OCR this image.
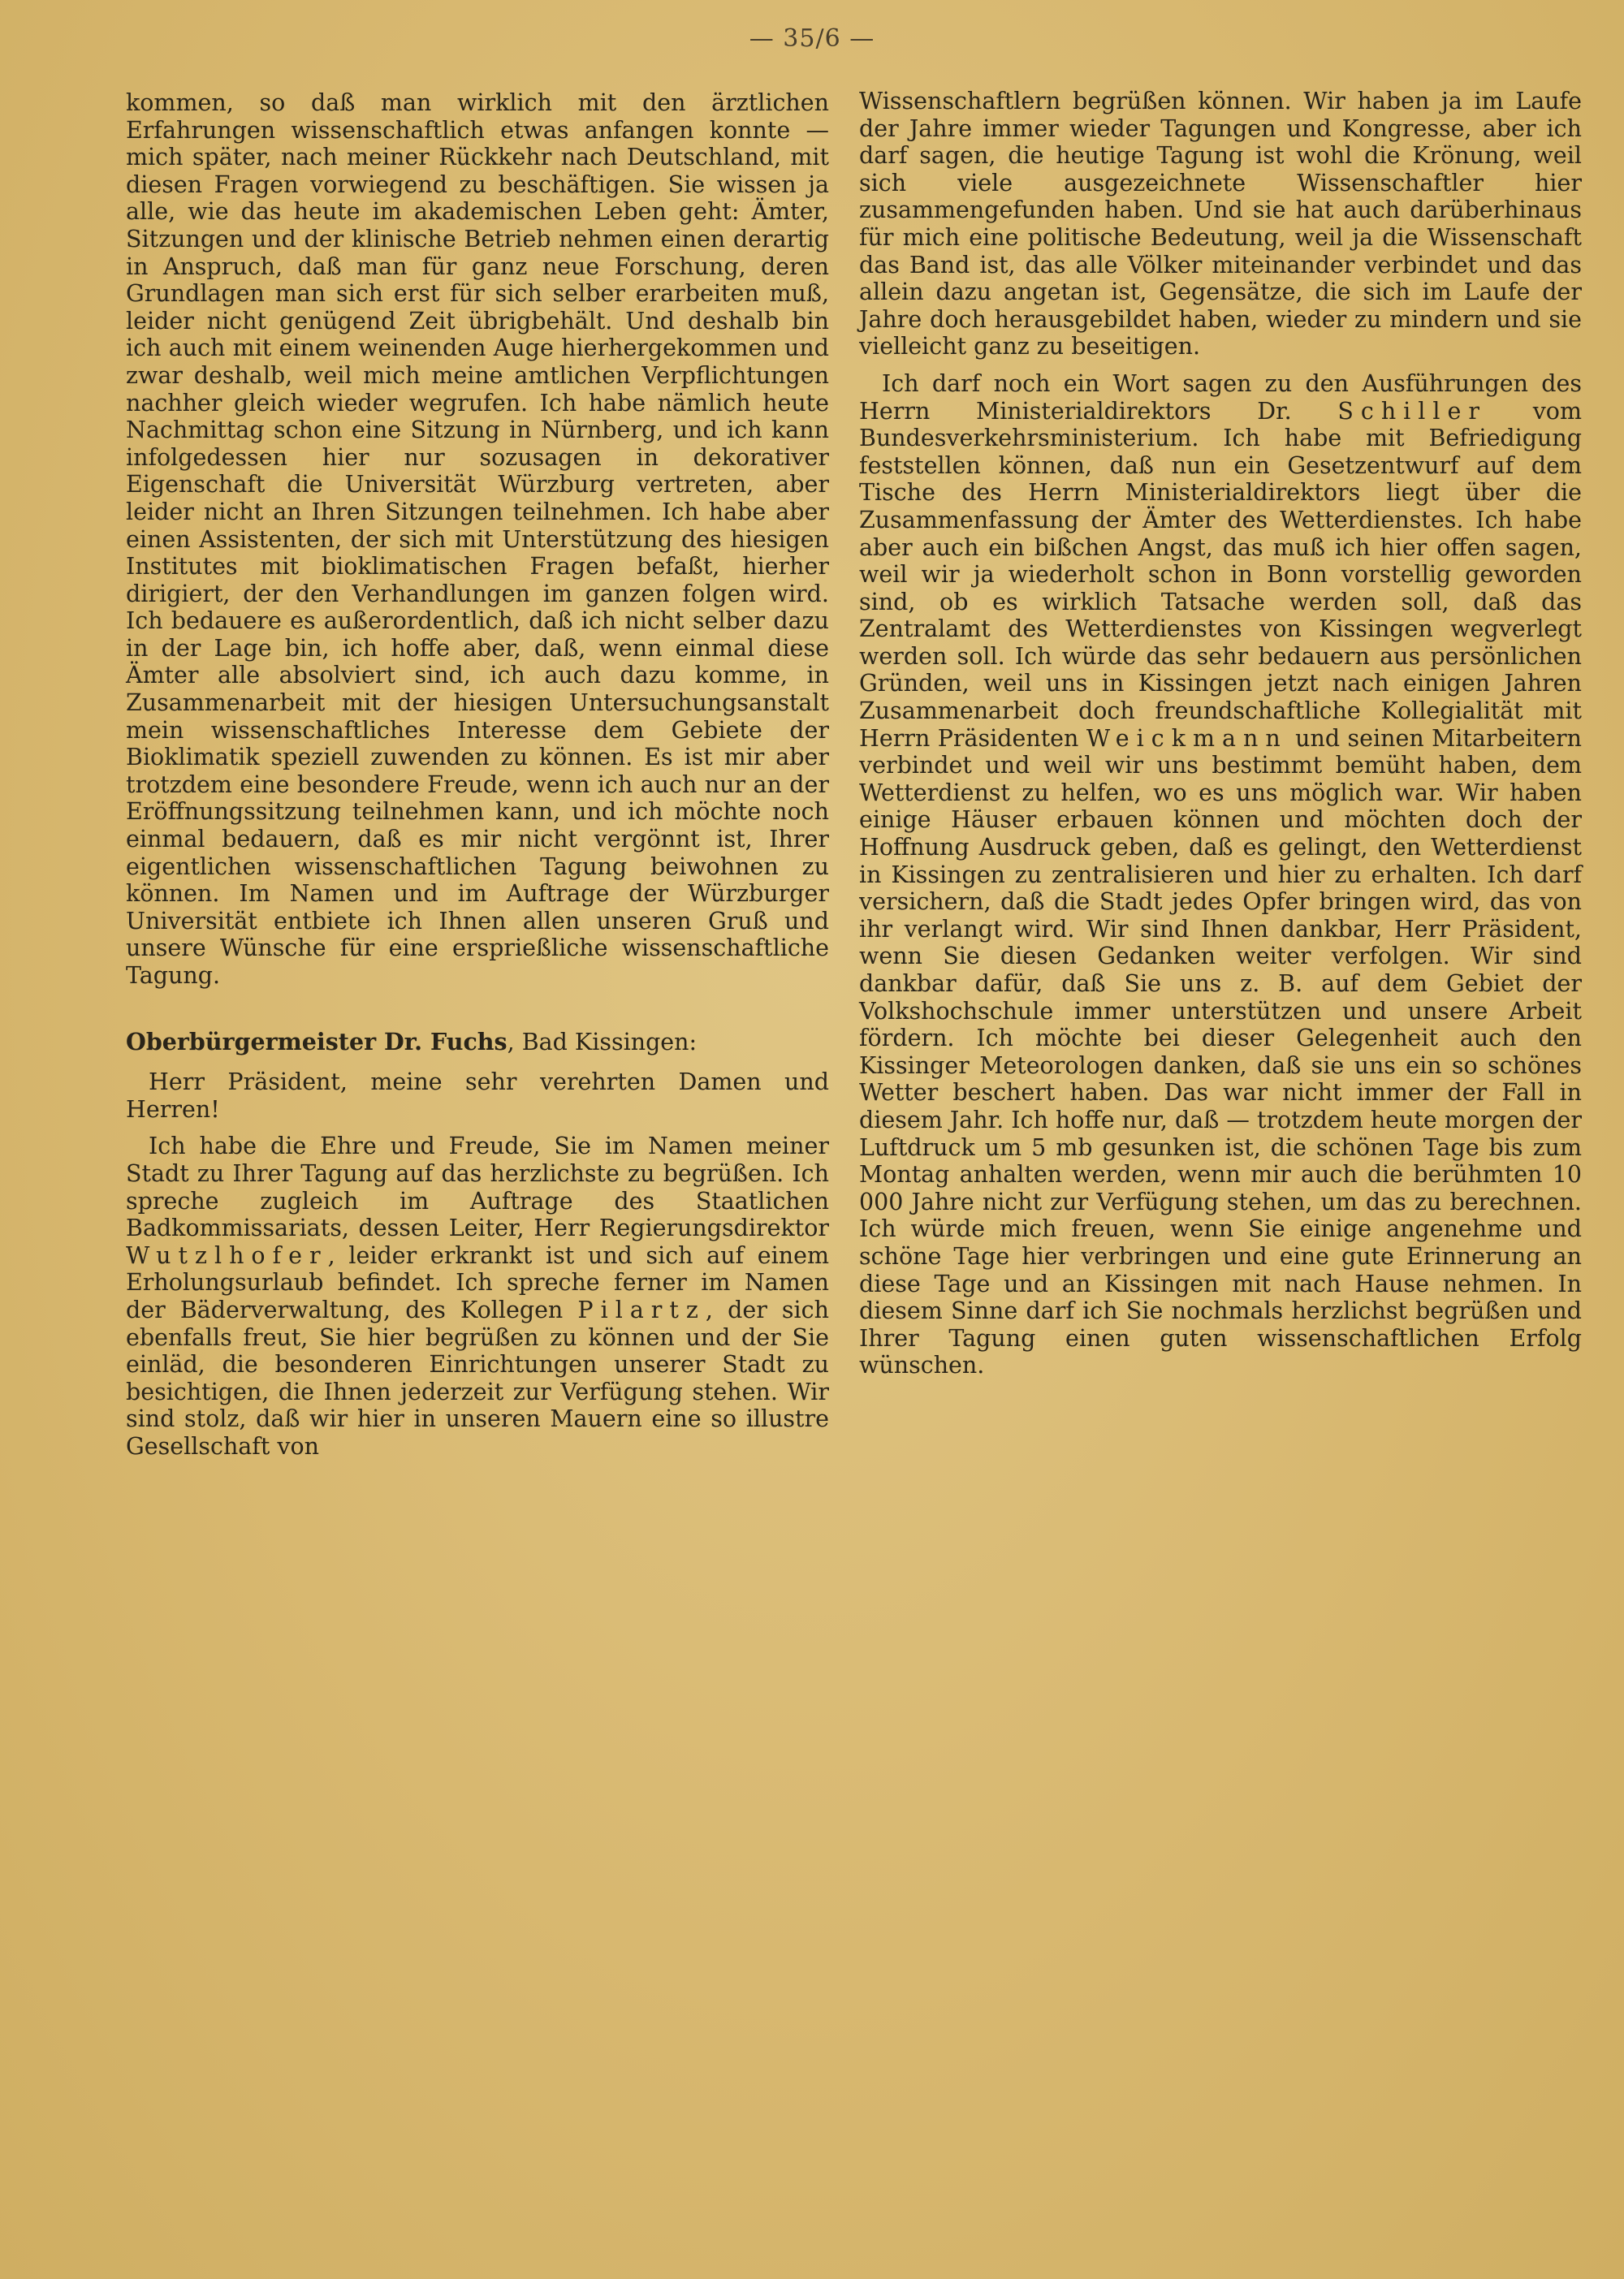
— 35/6 —

kommen, so daß man wirklich mit den ärztlichen Erfahrungen wissenschaftlich etwas anfangen konnte — mich später, nach meiner Rückkehr nach Deutschland, mit diesen Fragen vorwiegend zu beschäftigen. Sie wissen ja alle, wie das heute im akademischen Leben geht: Ämter, Sitzungen und der klinische Betrieb nehmen einen derartig in Anspruch, daß man für ganz neue Forschung, deren Grundlagen man sich erst für sich selber erarbeiten muß, leider nicht genügend Zeit übrigbehält. Und deshalb bin ich auch mit einem weinenden Auge hierhergekommen und zwar deshalb, weil mich meine amtlichen Verpflichtungen nachher gleich wieder wegrufen. Ich habe nämlich heute Nachmittag schon eine Sitzung in Nürnberg, und ich kann infolgedessen hier nur sozusagen in dekorativer Eigenschaft die Universität Würzburg vertreten, aber leider nicht an Ihren Sitzungen teilnehmen. Ich habe aber einen Assistenten, der sich mit Unterstützung des hiesigen Institutes mit bioklimatischen Fragen befaßt, hierher dirigiert, der den Verhandlungen im ganzen folgen wird. Ich bedauere es außerordentlich, daß ich nicht selber dazu in der Lage bin, ich hoffe aber, daß, wenn einmal diese Ämter alle absolviert sind, ich auch dazu komme, in Zusammenarbeit mit der hiesigen Untersuchungsanstalt mein wissenschaftliches Interesse dem Gebiete der Bioklimatik speziell zuwenden zu können. Es ist mir aber trotzdem eine besondere Freude, wenn ich auch nur an der Eröffnungssitzung teilnehmen kann, und ich möchte noch einmal bedauern, daß es mir nicht vergönnt ist, Ihrer eigentlichen wissenschaftlichen Tagung beiwohnen zu können. Im Namen und im Auftrage der Würzburger Universität entbiete ich Ihnen allen unseren Gruß und unsere Wünsche für eine ersprießliche wissenschaftliche Tagung.

Oberbürgermeister Dr. Fuchs, Bad Kissingen:

Herr Präsident, meine sehr verehrten Damen und Herren!

Ich habe die Ehre und Freude, Sie im Namen meiner Stadt zu Ihrer Tagung auf das herzlichste zu begrüßen. Ich spreche zugleich im Auftrage des Staatlichen Badkommissariats, dessen Leiter, Herr Regierungsdirektor Wutzlhofer, leider erkrankt ist und sich auf einem Erholungsurlaub befindet. Ich spreche ferner im Namen der Bäderverwaltung, des Kollegen Pilartz, der sich ebenfalls freut, Sie hier begrüßen zu können und der Sie einläd, die besonderen Einrichtungen unserer Stadt zu besichtigen, die Ihnen jederzeit zur Verfügung stehen. Wir sind stolz, daß wir hier in unseren Mauern eine so illustre Gesellschaft von

Wissenschaftlern begrüßen können. Wir haben ja im Laufe der Jahre immer wieder Tagungen und Kongresse, aber ich darf sagen, die heutige Tagung ist wohl die Krönung, weil sich viele ausgezeichnete Wissenschaftler hier zusammengefunden haben. Und sie hat auch darüberhinaus für mich eine politische Bedeutung, weil ja die Wissenschaft das Band ist, das alle Völker miteinander verbindet und das allein dazu angetan ist, Gegensätze, die sich im Laufe der Jahre doch herausgebildet haben, wieder zu mindern und sie vielleicht ganz zu beseitigen.

Ich darf noch ein Wort sagen zu den Ausführungen des Herrn Ministerialdirektors Dr. Schiller vom Bundesverkehrsministerium. Ich habe mit Befriedigung feststellen können, daß nun ein Gesetzentwurf auf dem Tische des Herrn Ministerialdirektors liegt über die Zusammenfassung der Ämter des Wetterdienstes. Ich habe aber auch ein bißchen Angst, das muß ich hier offen sagen, weil wir ja wiederholt schon in Bonn vorstellig geworden sind, ob es wirklich Tatsache werden soll, daß das Zentralamt des Wetterdienstes von Kissingen wegverlegt werden soll. Ich würde das sehr bedauern aus persönlichen Gründen, weil uns in Kissingen jetzt nach einigen Jahren Zusammenarbeit doch freundschaftliche Kollegialität mit Herrn Präsidenten Weickmann und seinen Mitarbeitern verbindet und weil wir uns bestimmt bemüht haben, dem Wetterdienst zu helfen, wo es uns möglich war. Wir haben einige Häuser erbauen können und möchten doch der Hoffnung Ausdruck geben, daß es gelingt, den Wetterdienst in Kissingen zu zentralisieren und hier zu erhalten. Ich darf versichern, daß die Stadt jedes Opfer bringen wird, das von ihr verlangt wird. Wir sind Ihnen dankbar, Herr Präsident, wenn Sie diesen Gedanken weiter verfolgen. Wir sind dankbar dafür, daß Sie uns z. B. auf dem Gebiet der Volkshochschule immer unterstützen und unsere Arbeit fördern. Ich möchte bei dieser Gelegenheit auch den Kissinger Meteorologen danken, daß sie uns ein so schönes Wetter beschert haben. Das war nicht immer der Fall in diesem Jahr. Ich hoffe nur, daß — trotzdem heute morgen der Luftdruck um 5 mb gesunken ist, die schönen Tage bis zum Montag anhalten werden, wenn mir auch die berühmten 10 000 Jahre nicht zur Verfügung stehen, um das zu berechnen. Ich würde mich freuen, wenn Sie einige angenehme und schöne Tage hier verbringen und eine gute Erinnerung an diese Tage und an Kissingen mit nach Hause nehmen. In diesem Sinne darf ich Sie nochmals herzlichst begrüßen und Ihrer Tagung einen guten wissenschaftlichen Erfolg wünschen.
